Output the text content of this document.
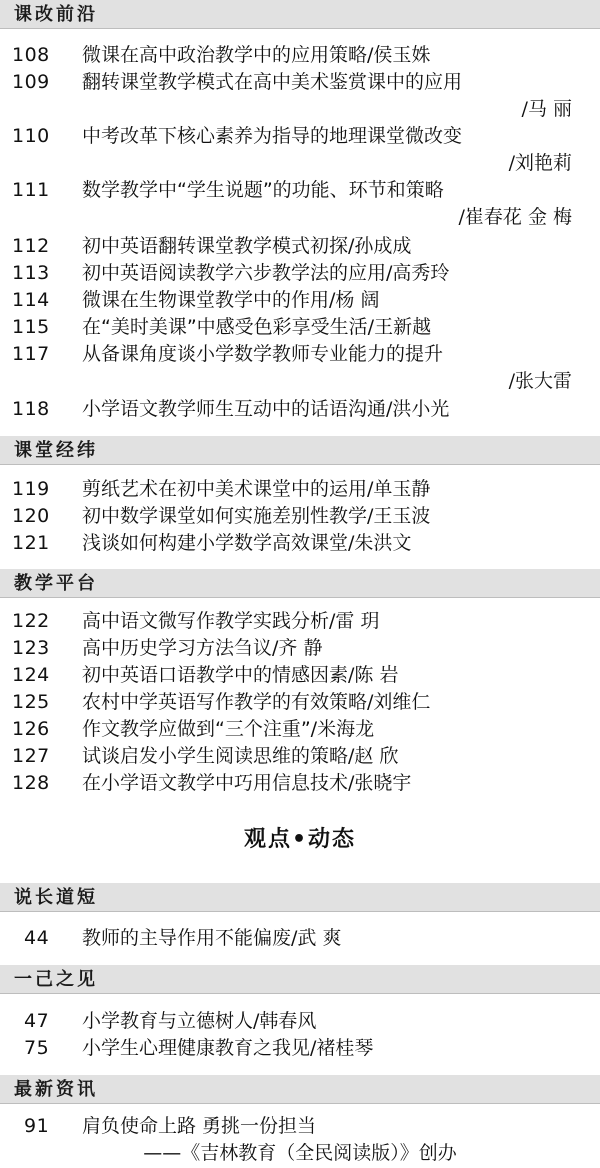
课改前沿
108	微课在高中政治教学中的应用策略/侯玉姝
109	翻转课堂教学模式在高中美术鉴赏课中的应用
/马 丽
110	中考改革下核心素养为指导的地理课堂微改变
/刘艳莉
111	数学教学中“学生说题”的功能、环节和策略
/崔春花 金 梅
112	初中英语翻转课堂教学模式初探/孙成成
113	初中英语阅读教学六步教学法的应用/高秀玲
114	微课在生物课堂教学中的作用/杨 阔
115	在“美时美课”中感受色彩享受生活/王新越
117	从备课角度谈小学数学教师专业能力的提升
/张大雷
118	小学语文教学师生互动中的话语沟通/洪小光
课堂经纬
119	剪纸艺术在初中美术课堂中的运用/单玉静
120	初中数学课堂如何实施差别性教学/王玉波
121	浅谈如何构建小学数学高效课堂/朱洪文
教学平台
122	高中语文微写作教学实践分析/雷 玥
123	高中历史学习方法刍议/齐 静
124	初中英语口语教学中的情感因素/陈 岩
125	农村中学英语写作教学的有效策略/刘维仁
126	作文教学应做到“三个注重”/米海龙
127	试谈启发小学生阅读思维的策略/赵 欣
128	在小学语文教学中巧用信息技术/张晓宇
观点•动态
说长道短
44	教师的主导作用不能偏废/武 爽
一己之见
47	小学教育与立德树人/韩春风
75	小学生心理健康教育之我见/褚桂琴
最新资讯
91	肩负使命上路 勇挑一份担当
——《吉林教育（全民阅读版）》创办
